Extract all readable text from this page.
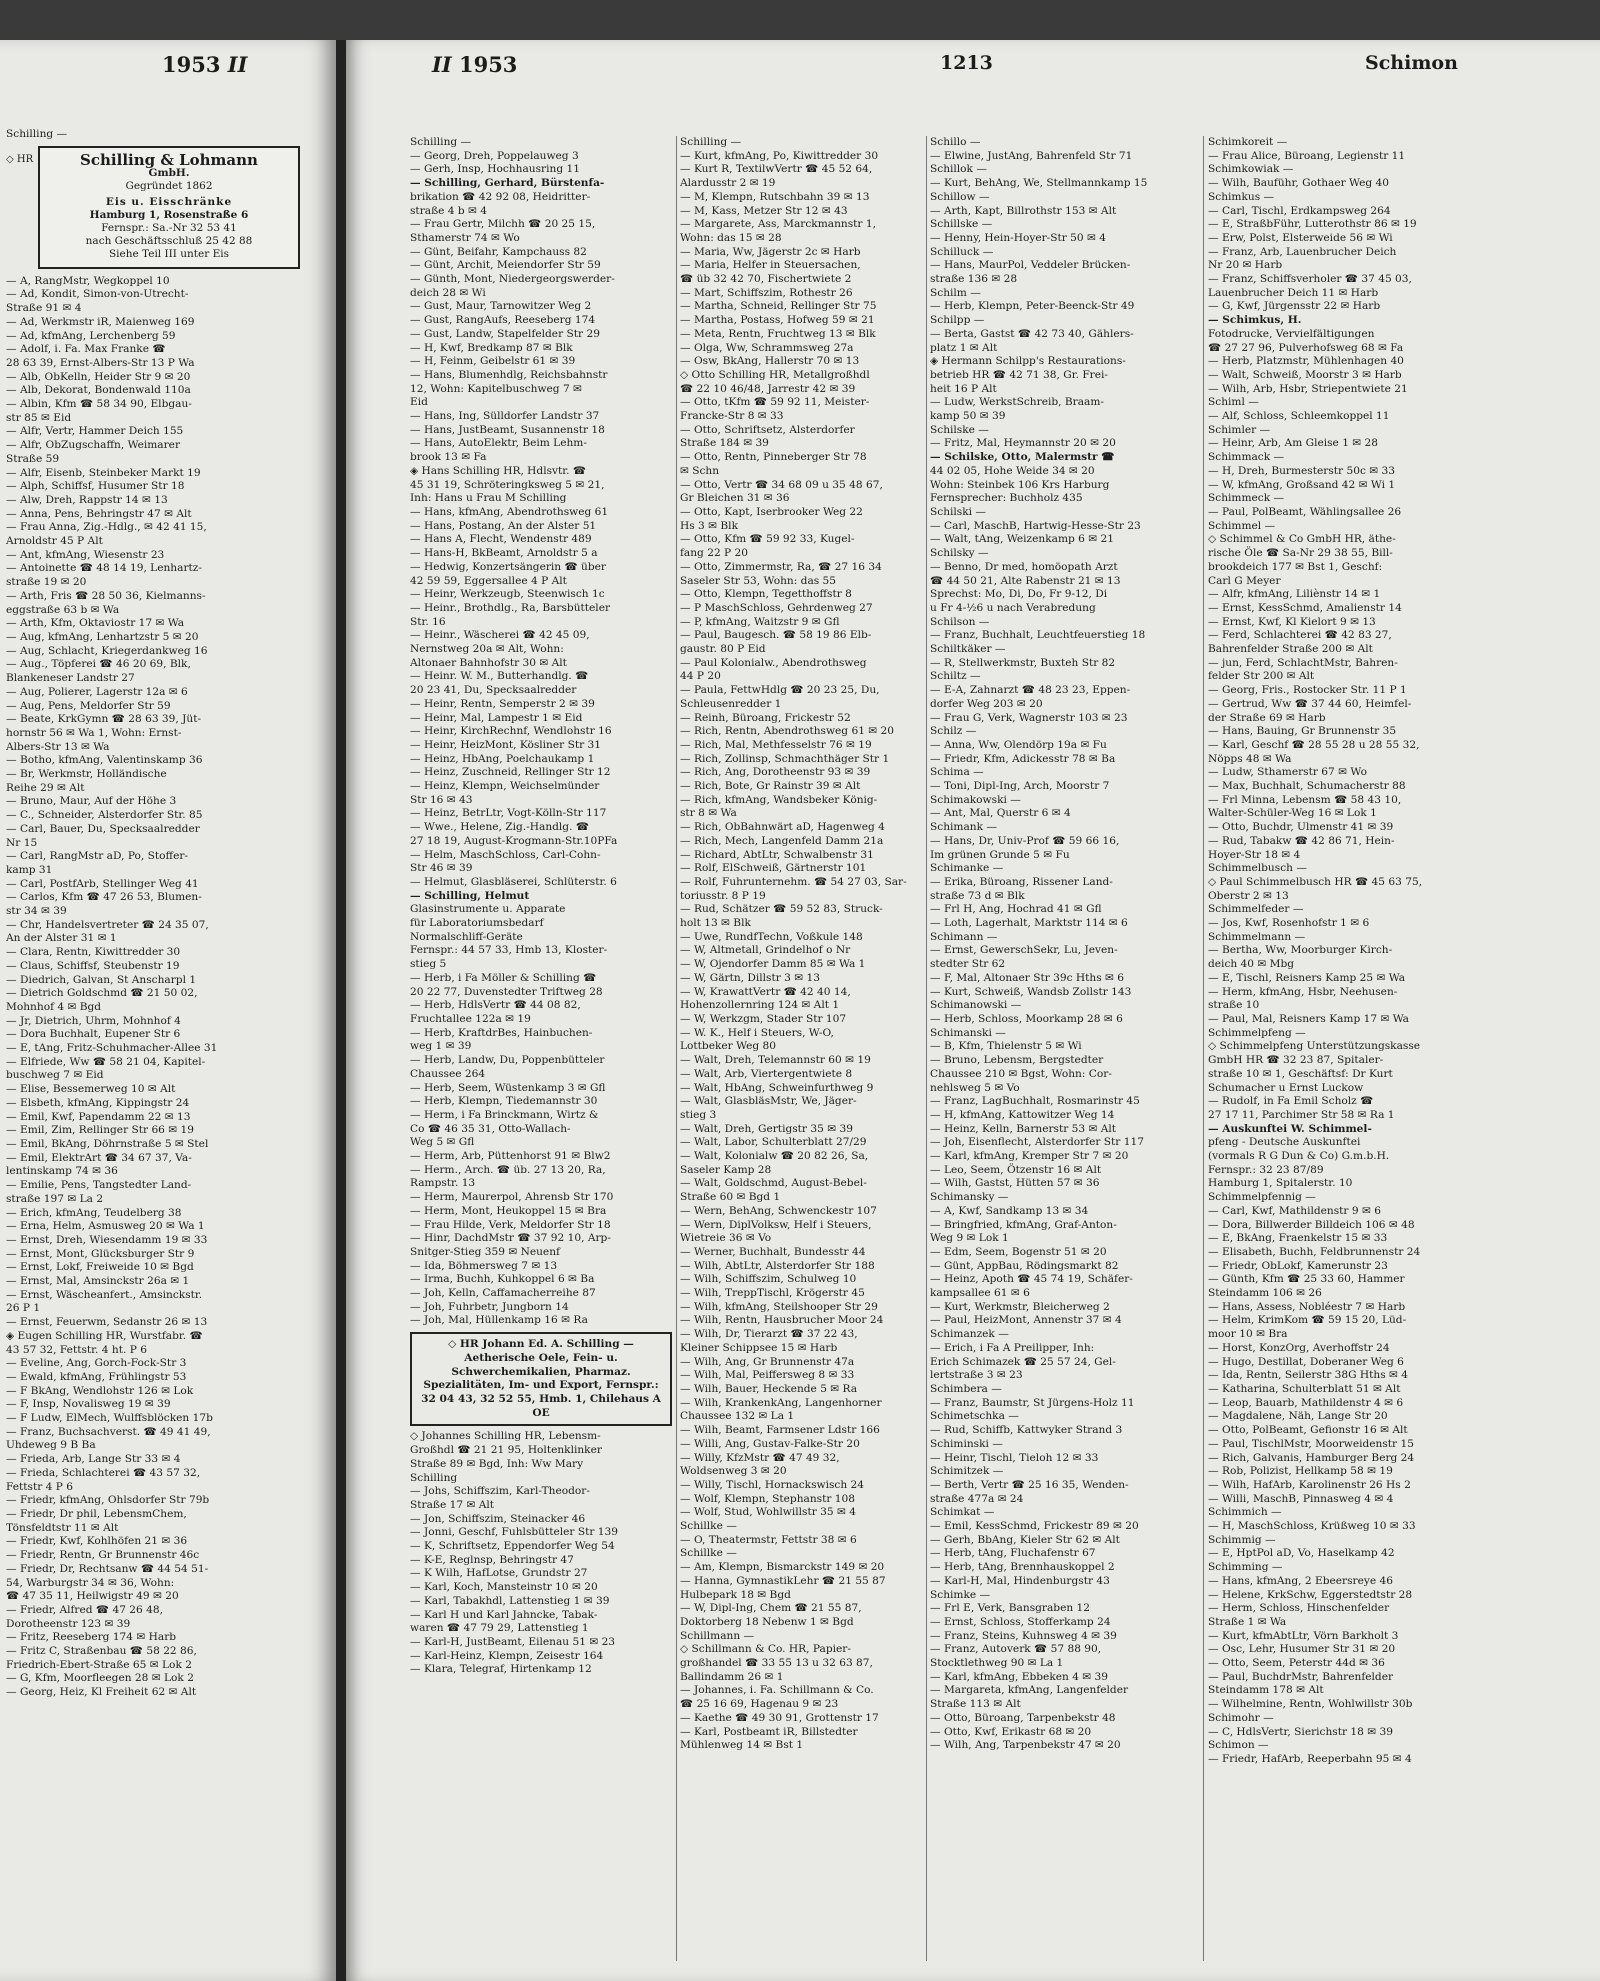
1953 II	II 1953	1213	Schimon
Schilling —
◇ HR	Schilling & Lohmann
GmbH.
Gegründet 1862
Eis u. Eisschränke
Hamburg 1, Rosenstraße 6
Fernspr.: Sa.-Nr 32 53 41
nach Geschäftsschluß 25 42 88
Siehe Teil III unter Eis
— A, RangMstr, Wegkoppel 10
— Ad, Kondit, Simon-von-Utrecht-
Straße 91 ✉ 4
— Ad, Werkmstr iR, Maienweg 169
— Ad, kfmAng, Lerchenberg 59
— Adolf, i. Fa. Max Franke ☎
28 63 39, Ernst-Albers-Str 13 P Wa
— Alb, ObKelln, Heider Str 9 ✉ 20
— Alb, Dekorat, Bondenwald 110a
— Albin, Kfm ☎ 58 34 90, Elbgau-
str 85 ✉ Eid
— Alfr, Vertr, Hammer Deich 155
— Alfr, ObZugschaffn, Weimarer
Straße 59
— Alfr, Eisenb, Steinbeker Markt 19
— Alph, Schiffsf, Husumer Str 18
— Alw, Dreh, Rappstr 14 ✉ 13
— Anna, Pens, Behringstr 47 ✉ Alt
— Frau Anna, Zig.-Hdlg., ✉ 42 41 15,
Arnoldstr 45 P Alt
— Ant, kfmAng, Wiesenstr 23
— Antoinette ☎ 48 14 19, Lenhartz-
straße 19 ✉ 20
— Arth, Fris ☎ 28 50 36, Kielmanns-
eggstraße 63 b ✉ Wa
— Arth, Kfm, Oktaviostr 17 ✉ Wa
— Aug, kfmAng, Lenhartzstr 5 ✉ 20
— Aug, Schlacht, Kriegerdankweg 16
— Aug., Töpferei ☎ 46 20 69, Blk,
Blankeneser Landstr 27
— Aug, Polierer, Lagerstr 12a ✉ 6
— Aug, Pens, Meldorfer Str 59
— Beate, KrkGymn ☎ 28 63 39, Jüt-
hornstr 56 ✉ Wa 1, Wohn: Ernst-
Albers-Str 13 ✉ Wa
— Botho, kfmAng, Valentinskamp 36
— Br, Werkmstr, Holländische
Reihe 29 ✉ Alt
— Bruno, Maur, Auf der Höhe 3
— C., Schneider, Alsterdorfer Str. 85
— Carl, Bauer, Du, Specksaalredder
Nr 15
— Carl, RangMstr aD, Po, Stoffer-
kamp 31
— Carl, PostfArb, Stellinger Weg 41
— Carlos, Kfm ☎ 47 26 53, Blumen-
str 34 ✉ 39
— Chr, Handelsvertreter ☎ 24 35 07,
An der Alster 31 ✉ 1
— Clara, Rentn, Kiwittredder 30
— Claus, Schiffsf, Steubenstr 19
— Diedrich, Galvan, St Anscharpl 1
— Dietrich Goldschmd ☎ 21 50 02,
Mohnhof 4 ✉ Bgd
— Jr, Dietrich, Uhrm, Mohnhof 4
— Dora Buchhalt, Eupener Str 6
— E, tAng, Fritz-Schuhmacher-Allee 31
— Elfriede, Ww ☎ 58 21 04, Kapitel-
buschweg 7 ✉ Eid
— Elise, Bessemerweg 10 ✉ Alt
— Elsbeth, kfmAng, Kippingstr 24
— Emil, Kwf, Papendamm 22 ✉ 13
— Emil, Zim, Rellinger Str 66 ✉ 19
— Emil, BkAng, Döhrnstraße 5 ✉ Stel
— Emil, ElektrArt ☎ 34 67 37, Va-
lentinskamp 74 ✉ 36
— Emilie, Pens, Tangstedter Land-
straße 197 ✉ La 2
— Erich, kfmAng, Teudelberg 38
— Erna, Helm, Asmusweg 20 ✉ Wa 1
— Ernst, Dreh, Wiesendamm 19 ✉ 33
— Ernst, Mont, Glücksburger Str 9
— Ernst, Lokf, Freiweide 10 ✉ Bgd
— Ernst, Mal, Amsinckstr 26a ✉ 1
— Ernst, Wäscheanfert., Amsinckstr.
26 P 1
— Ernst, Feuerwm, Sedanstr 26 ✉ 13
◈ Eugen Schilling HR, Wurstfabr. ☎
43 57 32, Fettstr. 4 ht. P 6
— Eveline, Ang, Gorch-Fock-Str 3
— Ewald, kfmAng, Frühlingstr 53
— F BkAng, Wendlohstr 126 ✉ Lok
— F, Insp, Novalisweg 19 ✉ 39
— F Ludw, ElMech, Wulffsblöcken 17b
— Franz, Buchsachverst. ☎ 49 41 49,
Uhdeweg 9 B Ba
— Frieda, Arb, Lange Str 33 ✉ 4
— Frieda, Schlachterei ☎ 43 57 32,
Fettstr 4 P 6
— Friedr, kfmAng, Ohlsdorfer Str 79b
— Friedr, Dr phil, LebensmChem,
Tönsfeldtstr 11 ✉ Alt
— Friedr, Kwf, Kohlhöfen 21 ✉ 36
— Friedr, Rentn, Gr Brunnenstr 46c
— Friedr, Dr, Rechtsanw ☎ 44 54 51-
54, Warburgstr 34 ✉ 36, Wohn:
☎ 47 35 11, Heilwigstr 49 ✉ 20
— Friedr, Alfred ☎ 47 26 48,
Dorotheenstr 123 ✉ 39
— Fritz, Reeseberg 174 ✉ Harb
— Fritz C, Straßenbau ☎ 58 22 86,
Friedrich-Ebert-Straße 65 ✉ Lok 2
— G, Kfm, Moorfleegen 28 ✉ Lok 2
— Georg, Heiz, Kl Freiheit 62 ✉ Alt
Schilling —
— Georg, Dreh, Poppelauweg 3
— Gerh, Insp, Hochhausring 11
— Schilling, Gerhard, Bürstenfa-
brikation ☎ 42 92 08, Heidritter-
straße 4 b ✉ 4
— Frau Gertr, Milchh ☎ 20 25 15,
Sthamerstr 74 ✉ Wo
— Günt, Beifahr, Kampchauss 82
— Günt, Archit, Meiendorfer Str 59
— Günth, Mont, Niedergeorgswerder-
deich 28 ✉ Wi
— Gust, Maur, Tarnowitzer Weg 2
— Gust, RangAufs, Reeseberg 174
— Gust, Landw, Stapelfelder Str 29
— H, Kwf, Bredkamp 87 ✉ Blk
— H, Feinm, Geibelstr 61 ✉ 39
— Hans, Blumenhdlg, Reichsbahnstr
12, Wohn: Kapitelbuschweg 7 ✉
Eid
— Hans, Ing, Sülldorfer Landstr 37
— Hans, JustBeamt, Susannenstr 18
— Hans, AutoElektr, Beim Lehm-
brook 13 ✉ Fa
◈ Hans Schilling HR, Hdlsvtr. ☎
45 31 19, Schröteringksweg 5 ✉ 21,
Inh: Hans u Frau M Schilling
— Hans, kfmAng, Abendrothsweg 61
— Hans, Postang, An der Alster 51
— Hans A, Flecht, Wendenstr 489
— Hans-H, BkBeamt, Arnoldstr 5 a
— Hedwig, Konzertsängerin ☎ über
42 59 59, Eggersallee 4 P Alt
— Heinr, Werkzeugb, Steenwisch 1c
— Heinr., Brothdlg., Ra, Barsbütteler
Str. 16
— Heinr., Wäscherei ☎ 42 45 09,
Nernstweg 20a ✉ Alt, Wohn:
Altonaer Bahnhofstr 30 ✉ Alt
— Heinr. W. M., Butterhandlg. ☎
20 23 41, Du, Specksaalredder
— Heinr, Rentn, Semperstr 2 ✉ 39
— Heinr, Mal, Lampestr 1 ✉ Eid
— Heinr, KirchRechnf, Wendlohstr 16
— Heinr, HeizMont, Kösliner Str 31
— Heinz, HbAng, Poelchaukamp 1
— Heinz, Zuschneid, Rellinger Str 12
— Heinz, Klempn, Weichselmünder
Str 16 ✉ 43
— Heinz, BetrLtr, Vogt-Kölln-Str 117
— Wwe., Helene, Zig.-Handlg. ☎
27 18 19, August-Krogmann-Str.10PFa
— Helm, MaschSchloss, Carl-Cohn-
Str 46 ✉ 39
— Helmut, Glasbläserei, Schlüterstr. 6
— Schilling, Helmut
Glasinstrumente u. Apparate
für Laboratoriumsbedarf
Normalschliff-Geräte
Fernspr.: 44 57 33, Hmb 13, Kloster-
stieg 5
— Herb, i Fa Möller & Schilling ☎
20 22 77, Duvenstedter Triftweg 28
— Herb, HdlsVertr ☎ 44 08 82,
Fruchtallee 122a ✉ 19
— Herb, KraftdrBes, Hainbuchen-
weg 1 ✉ 39
— Herb, Landw, Du, Poppenbütteler
Chaussee 264
— Herb, Seem, Wüstenkamp 3 ✉ Gfl
— Herb, Klempn, Tiedemannstr 30
— Herm, i Fa Brinckmann, Wirtz &
Co ☎ 46 35 31, Otto-Wallach-
Weg 5 ✉ Gfl
— Herm, Arb, Püttenhorst 91 ✉ Blw2
— Herm., Arch. ☎ üb. 27 13 20, Ra,
Rampstr. 13
— Herm, Maurerpol, Ahrensb Str 170
— Herm, Mont, Heukoppel 15 ✉ Bra
— Frau Hilde, Verk, Meldorfer Str 18
— Hinr, DachdMstr ☎ 37 92 10, Arp-
Snitger-Stieg 359 ✉ Neuenf
— Ida, Böhmersweg 7 ✉ 13
— Irma, Buchh, Kuhkoppel 6 ✉ Ba
— Joh, Kelln, Caffamacherreihe 87
— Joh, Fuhrbetr, Jungborn 14
— Joh, Mal, Hüllenkamp 16 ✉ Ra
◇ HR Johann Ed. A. Schilling — Aetherische Oele, Fein- u. Schwerchemikalien, Pharmaz. Spezialitäten, Im- und Export, Fernspr.: 32 04 43, 32 52 55, Hmb. 1, Chilehaus A OE
◇ Johannes Schilling HR, Lebensm-
Großhdl ☎ 21 21 95, Holtenklinker
Straße 89 ✉ Bgd, Inh: Ww Mary
Schilling
— Johs, Schiffszim, Karl-Theodor-
Straße 17 ✉ Alt
— Jon, Schiffszim, Steinacker 46
— Jonni, Geschf, Fuhlsbütteler Str 139
— K, Schriftsetz, Eppendorfer Weg 54
— K-E, Reglnsp, Behringstr 47
— K Wilh, HafLotse, Grundstr 27
— Karl, Koch, Mansteinstr 10 ✉ 20
— Karl, Tabakhdl, Lattenstieg 1 ✉ 39
— Karl H und Karl Jahncke, Tabak-
waren ☎ 47 79 29, Lattenstieg 1
— Karl-H, JustBeamt, Eilenau 51 ✉ 23
— Karl-Heinz, Klempn, Zeisestr 164
— Klara, Telegraf, Hirtenkamp 12
Schilling —
— Kurt, kfmAng, Po, Kiwittredder 30
— Kurt R, TextilwVertr ☎ 45 52 64,
Alardusstr 2 ✉ 19
— M, Klempn, Rutschbahn 39 ✉ 13
— M, Kass, Metzer Str 12 ✉ 43
— Margarete, Ass, Marckmannstr 1,
Wohn: das 15 ✉ 28
— Maria, Ww, Jägerstr 2c ✉ Harb
— Maria, Helfer in Steuersachen,
☎ üb 32 42 70, Fischertwiete 2
— Mart, Schiffszim, Rothestr 26
— Martha, Schneid, Rellinger Str 75
— Martha, Postass, Hofweg 59 ✉ 21
— Meta, Rentn, Fruchtweg 13 ✉ Blk
— Olga, Ww, Schrammsweg 27a
— Osw, BkAng, Hallerstr 70 ✉ 13
◇ Otto Schilling HR, Metallgroßhdl
☎ 22 10 46/48, Jarrestr 42 ✉ 39
— Otto, tKfm ☎ 59 92 11, Meister-
Francke-Str 8 ✉ 33
— Otto, Schriftsetz, Alsterdorfer
Straße 184 ✉ 39
— Otto, Rentn, Pinneberger Str 78
✉ Schn
— Otto, Vertr ☎ 34 68 09 u 35 48 67,
Gr Bleichen 31 ✉ 36
— Otto, Kapt, Iserbrooker Weg 22
Hs 3 ✉ Blk
— Otto, Kfm ☎ 59 92 33, Kugel-
fang 22 P 20
— Otto, Zimmermstr, Ra, ☎ 27 16 34
Saseler Str 53, Wohn: das 55
— Otto, Klempn, Tegetthoffstr 8
— P MaschSchloss, Gehrdenweg 27
— P, kfmAng, Waitzstr 9 ✉ Gfl
— Paul, Baugesch. ☎ 58 19 86 Elb-
gaustr. 80 P Eid
— Paul Kolonialw., Abendrothsweg
44 P 20
— Paula, FettwHdlg ☎ 20 23 25, Du,
Schleusenredder 1
— Reinh, Büroang, Frickestr 52
— Rich, Rentn, Abendrothsweg 61 ✉ 20
— Rich, Mal, Methfesselstr 76 ✉ 19
— Rich, Zollinsp, Schmachthäger Str 1
— Rich, Ang, Dorotheenstr 93 ✉ 39
— Rich, Bote, Gr Rainstr 39 ✉ Alt
— Rich, kfmAng, Wandsbeker König-
str 8 ✉ Wa
— Rich, ObBahnwärt aD, Hagenweg 4
— Rich, Mech, Langenfeld Damm 21a
— Richard, AbtLtr, Schwalbenstr 31
— Rolf, ElSchweiß, Gärtnerstr 101
— Rolf, Fuhrunternehm. ☎ 54 27 03, Sar-
toriusstr. 8 P 19
— Rud, Schätzer ☎ 59 52 83, Struck-
holt 13 ✉ Blk
— Uwe, RundfTechn, Voßkule 148
— W, Altmetall, Grindelhof o Nr
— W, Ojendorfer Damm 85 ✉ Wa 1
— W, Gärtn, Dillstr 3 ✉ 13
— W, KrawattVertr ☎ 42 40 14,
Hohenzollernring 124 ✉ Alt 1
— W, Werkzgm, Stader Str 107
— W. K., Helf i Steuers, W-O,
Lottbeker Weg 80
— Walt, Dreh, Telemannstr 60 ✉ 19
— Walt, Arb, Viertergentwiete 8
— Walt, HbAng, Schweinfurthweg 9
— Walt, GlasbläsMstr, We, Jäger-
stieg 3
— Walt, Dreh, Gertigstr 35 ✉ 39
— Walt, Labor, Schulterblatt 27/29
— Walt, Kolonialw ☎ 20 82 26, Sa,
Saseler Kamp 28
— Walt, Goldschmd, August-Bebel-
Straße 60 ✉ Bgd 1
— Wern, BehAng, Schwenckestr 107
— Wern, DiplVolksw, Helf i Steuers,
Wietreie 36 ✉ Vo
— Werner, Buchhalt, Bundesstr 44
— Wilh, AbtLtr, Alsterdorfer Str 188
— Wilh, Schiffszim, Schulweg 10
— Wilh, TreppTischl, Krögerstr 45
— Wilh, kfmAng, Steilshooper Str 29
— Wilh, Rentn, Hausbrucher Moor 24
— Wilh, Dr, Tierarzt ☎ 37 22 43,
Kleiner Schippsee 15 ✉ Harb
— Wilh, Ang, Gr Brunnenstr 47a
— Wilh, Mal, Peiffersweg 8 ✉ 33
— Wilh, Bauer, Heckende 5 ✉ Ra
— Wilh, KrankenkAng, Langenhorner
Chaussee 132 ✉ La 1
— Wilh, Beamt, Farmsener Ldstr 166
— Willi, Ang, Gustav-Falke-Str 20
— Willy, KfzMstr ☎ 47 49 32,
Woldsenweg 3 ✉ 20
— Willy, Tischl, Hornackswisch 24
— Wolf, Klempn, Stephanstr 108
— Wolf, Stud, Wohlwillstr 35 ✉ 4
Schillke —
— O, Theatermstr, Fettstr 38 ✉ 6
Schillke —
— Am, Klempn, Bismarckstr 149 ✉ 20
— Hanna, GymnastikLehr ☎ 21 55 87
Hulbepark 18 ✉ Bgd
— W, Dipl-Ing, Chem ☎ 21 55 87,
Doktorberg 18 Nebenw 1 ✉ Bgd
Schillmann —
◇ Schillmann & Co. HR, Papier-
großhandel ☎ 33 55 13 u 32 63 87,
Ballindamm 26 ✉ 1
— Johannes, i. Fa. Schillmann & Co.
☎ 25 16 69, Hagenau 9 ✉ 23
— Kaethe ☎ 49 30 91, Grottenstr 17
— Karl, Postbeamt iR, Billstedter
Mühlenweg 14 ✉ Bst 1
Schillo —
— Elwine, JustAng, Bahrenfeld Str 71
Schillok —
— Kurt, BehAng, We, Stellmannkamp 15
Schillow —
— Arth, Kapt, Billrothstr 153 ✉ Alt
Schillske —
— Henny, Hein-Hoyer-Str 50 ✉ 4
Schilluck —
— Hans, MaurPol, Veddeler Brücken-
straße 136 ✉ 28
Schilm —
— Herb, Klempn, Peter-Beenck-Str 49
Schilpp —
— Berta, Gastst ☎ 42 73 40, Gählers-
platz 1 ✉ Alt
◈ Hermann Schilpp's Restaurations-
betrieb HR ☎ 42 71 38, Gr. Frei-
heit 16 P Alt
— Ludw, WerkstSchreib, Braam-
kamp 50 ✉ 39
Schilske —
— Fritz, Mal, Heymannstr 20 ✉ 20
— Schilske, Otto, Malermstr ☎
44 02 05, Hohe Weide 34 ✉ 20
Wohn: Steinbek 106 Krs Harburg
Fernsprecher: Buchholz 435
Schilski —
— Carl, MaschB, Hartwig-Hesse-Str 23
— Walt, tAng, Weizenkamp 6 ✉ 21
Schilsky —
— Benno, Dr med, homöopath Arzt
☎ 44 50 21, Alte Rabenstr 21 ✉ 13
Sprechst: Mo, Di, Do, Fr 9-12, Di
u Fr 4-½6 u nach Verabredung
Schilson —
— Franz, Buchhalt, Leuchtfeuerstieg 18
Schiltkäker —
— R, Stellwerkmstr, Buxteh Str 82
Schiltz —
— E-A, Zahnarzt ☎ 48 23 23, Eppen-
dorfer Weg 203 ✉ 20
— Frau G, Verk, Wagnerstr 103 ✉ 23
Schilz —
— Anna, Ww, Olendörp 19a ✉ Fu
— Friedr, Kfm, Adickesstr 78 ✉ Ba
Schima —
— Toni, Dipl-Ing, Arch, Moorstr 7
Schimakowski —
— Ant, Mal, Querstr 6 ✉ 4
Schimank —
— Hans, Dr, Univ-Prof ☎ 59 66 16,
Im grünen Grunde 5 ✉ Fu
Schimanke —
— Erika, Büroang, Rissener Land-
straße 73 d ✉ Blk
— Frl H, Ang, Hochrad 41 ✉ Gfl
— Loth, Lagerhalt, Marktstr 114 ✉ 6
Schimann —
— Ernst, GewerschSekr, Lu, Jeven-
stedter Str 62
— F, Mal, Altonaer Str 39c Hths ✉ 6
— Kurt, Schweiß, Wandsb Zollstr 143
Schimanowski —
— Herb, Schloss, Moorkamp 28 ✉ 6
Schimanski —
— B, Kfm, Thielenstr 5 ✉ Wi
— Bruno, Lebensm, Bergstedter
Chaussee 210 ✉ Bgst, Wohn: Cor-
nehlsweg 5 ✉ Vo
— Franz, LagBuchhalt, Rosmarinstr 45
— H, kfmAng, Kattowitzer Weg 14
— Heinz, Kelln, Barnerstr 53 ✉ Alt
— Joh, Eisenflecht, Alsterdorfer Str 117
— Karl, kfmAng, Kremper Str 7 ✉ 20
— Leo, Seem, Ötzenstr 16 ✉ Alt
— Wilh, Gastst, Hütten 57 ✉ 36
Schimansky —
— A, Kwf, Sandkamp 13 ✉ 34
— Bringfried, kfmAng, Graf-Anton-
Weg 9 ✉ Lok 1
— Edm, Seem, Bogenstr 51 ✉ 20
— Günt, AppBau, Rödingsmarkt 82
— Heinz, Apoth ☎ 45 74 19, Schäfer-
kampsallee 61 ✉ 6
— Kurt, Werkmstr, Bleicherweg 2
— Paul, HeizMont, Annenstr 37 ✉ 4
Schimanzek —
— Erich, i Fa A Preilipper, Inh:
Erich Schimazek ☎ 25 57 24, Gel-
lertstraße 3 ✉ 23
Schimbera —
— Franz, Baumstr, St Jürgens-Holz 11
Schimetschka —
— Rud, Schiffb, Kattwyker Strand 3
Schiminski —
— Heinr, Tischl, Tieloh 12 ✉ 33
Schimitzek —
— Berth, Vertr ☎ 25 16 35, Wenden-
straße 477a ✉ 24
Schimkat —
— Emil, KessSchmd, Frickestr 89 ✉ 20
— Gerh, BbAng, Kieler Str 62 ✉ Alt
— Herb, tAng, Fluchafenstr 67
— Herb, tAng, Brennhauskoppel 2
— Karl-H, Mal, Hindenburgstr 43
Schimke —
— Frl E, Verk, Bansgraben 12
— Ernst, Schloss, Stofferkamp 24
— Franz, Steins, Kuhnsweg 4 ✉ 39
— Franz, Autoverk ☎ 57 88 90,
Stocktlethweg 90 ✉ La 1
— Karl, kfmAng, Ebbeken 4 ✉ 39
— Margareta, kfmAng, Langenfelder
Straße 113 ✉ Alt
— Otto, Büroang, Tarpenbekstr 48
— Otto, Kwf, Erikastr 68 ✉ 20
— Wilh, Ang, Tarpenbekstr 47 ✉ 20
Schimkoreit —
— Frau Alice, Büroang, Legienstr 11
Schimkowiak —
— Wilh, Bauführ, Gothaer Weg 40
Schimkus —
— Carl, Tischl, Erdkampsweg 264
— E, StraßbFühr, Lutterothstr 86 ✉ 19
— Erw, Polst, Elsterweide 56 ✉ Wi
— Franz, Arb, Lauenbrucher Deich
Nr 20 ✉ Harb
— Franz, Schiffsverholer ☎ 37 45 03,
Lauenbrucher Deich 11 ✉ Harb
— G, Kwf, Jürgensstr 22 ✉ Harb
— Schimkus, H.
Fotodrucke, Vervielfältigungen
☎ 27 27 96, Pulverhofsweg 68 ✉ Fa
— Herb, Platzmstr, Mühlenhagen 40
— Walt, Schweiß, Moorstr 3 ✉ Harb
— Wilh, Arb, Hsbr, Striepentwiete 21
Schiml —
— Alf, Schloss, Schleemkoppel 11
Schimler —
— Heinr, Arb, Am Gleise 1 ✉ 28
Schimmack —
— H, Dreh, Burmesterstr 50c ✉ 33
— W, kfmAng, Großsand 42 ✉ Wi 1
Schimmeck —
— Paul, PolBeamt, Wählingsallee 26
Schimmel —
◇ Schimmel & Co GmbH HR, äthe-
rische Öle ☎ Sa-Nr 29 38 55, Bill-
brookdeich 177 ✉ Bst 1, Geschf:
Carl G Meyer
— Alfr, kfmAng, Liliènstr 14 ✉ 1
— Ernst, KessSchmd, Amalienstr 14
— Ernst, Kwf, Kl Kielort 9 ✉ 13
— Ferd, Schlachterei ☎ 42 83 27,
Bahrenfelder Straße 200 ✉ Alt
— jun, Ferd, SchlachtMstr, Bahren-
felder Str 200 ✉ Alt
— Georg, Fris., Rostocker Str. 11 P 1
— Gertrud, Ww ☎ 37 44 60, Heimfel-
der Straße 69 ✉ Harb
— Hans, Bauing, Gr Brunnenstr 35
— Karl, Geschf ☎ 28 55 28 u 28 55 32,
Nöpps 48 ✉ Wa
— Ludw, Sthamerstr 67 ✉ Wo
— Max, Buchhalt, Schumacherstr 88
— Frl Minna, Lebensm ☎ 58 43 10,
Walter-Schüler-Weg 16 ✉ Lok 1
— Otto, Buchdr, Ulmenstr 41 ✉ 39
— Rud, Tabakw ☎ 42 86 71, Hein-
Hoyer-Str 18 ✉ 4
Schimmelbusch —
◇ Paul Schimmelbusch HR ☎ 45 63 75,
Oberstr 2 ✉ 13
Schimmelfeder —
— Jos, Kwf, Rosenhofstr 1 ✉ 6
Schimmelmann —
— Bertha, Ww, Moorburger Kirch-
deich 40 ✉ Mbg
— E, Tischl, Reisners Kamp 25 ✉ Wa
— Herm, kfmAng, Hsbr, Neehusen-
straße 10
— Paul, Mal, Reisners Kamp 17 ✉ Wa
Schimmelpfeng —
◇ Schimmelpfeng Unterstützungskasse
GmbH HR ☎ 32 23 87, Spitaler-
straße 10 ✉ 1, Geschäftsf: Dr Kurt
Schumacher u Ernst Luckow
— Rudolf, in Fa Emil Scholz ☎
27 17 11, Parchimer Str 58 ✉ Ra 1
— Auskunftei W. Schimmel-
pfeng - Deutsche Auskunftei
(vormals R G Dun & Co) G.m.b.H.
Fernspr.: 32 23 87/89
Hamburg 1, Spitalerstr. 10
Schimmelpfennig —
— Carl, Kwf, Mathildenstr 9 ✉ 6
— Dora, Billwerder Billdeich 106 ✉ 48
— E, BkAng, Fraenkelstr 15 ✉ 33
— Elisabeth, Buchh, Feldbrunnenstr 24
— Friedr, ObLokf, Kamerunstr 23
— Günth, Kfm ☎ 25 33 60, Hammer
Steindamm 106 ✉ 26
— Hans, Assess, Nobléestr 7 ✉ Harb
— Helm, KrimKom ☎ 59 15 20, Lüd-
moor 10 ✉ Bra
— Horst, KonzOrg, Averhoffstr 24
— Hugo, Destillat, Doberaner Weg 6
— Ida, Rentn, Seilerstr 38G Hths ✉ 4
— Katharina, Schulterblatt 51 ✉ Alt
— Leop, Bauarb, Mathildenstr 4 ✉ 6
— Magdalene, Näh, Lange Str 20
— Otto, PolBeamt, Gefionstr 16 ✉ Alt
— Paul, TischlMstr, Moorweidenstr 15
— Rich, Galvanis, Hamburger Berg 24
— Rob, Polizist, Hellkamp 58 ✉ 19
— Wilh, HafArb, Karolinenstr 26 Hs 2
— Willi, MaschB, Pinnasweg 4 ✉ 4
Schimmich —
— H, MaschSchloss, Krüßweg 10 ✉ 33
Schimmig —
— E, HptPol aD, Vo, Haselkamp 42
Schimming —
— Hans, kfmAng, 2 Ebeersreye 46
— Helene, KrkSchw, Eggerstedtstr 28
— Herm, Schloss, Hinschenfelder
Straße 1 ✉ Wa
— Kurt, kfmAbtLtr, Vörn Barkholt 3
— Osc, Lehr, Husumer Str 31 ✉ 20
— Otto, Seem, Peterstr 44d ✉ 36
— Paul, BuchdrMstr, Bahrenfelder
Steindamm 178 ✉ Alt
— Wilhelmine, Rentn, Wohlwillstr 30b
Schimohr —
— C, HdlsVertr, Sierichstr 18 ✉ 39
Schimon —
— Friedr, HafArb, Reeperbahn 95 ✉ 4
